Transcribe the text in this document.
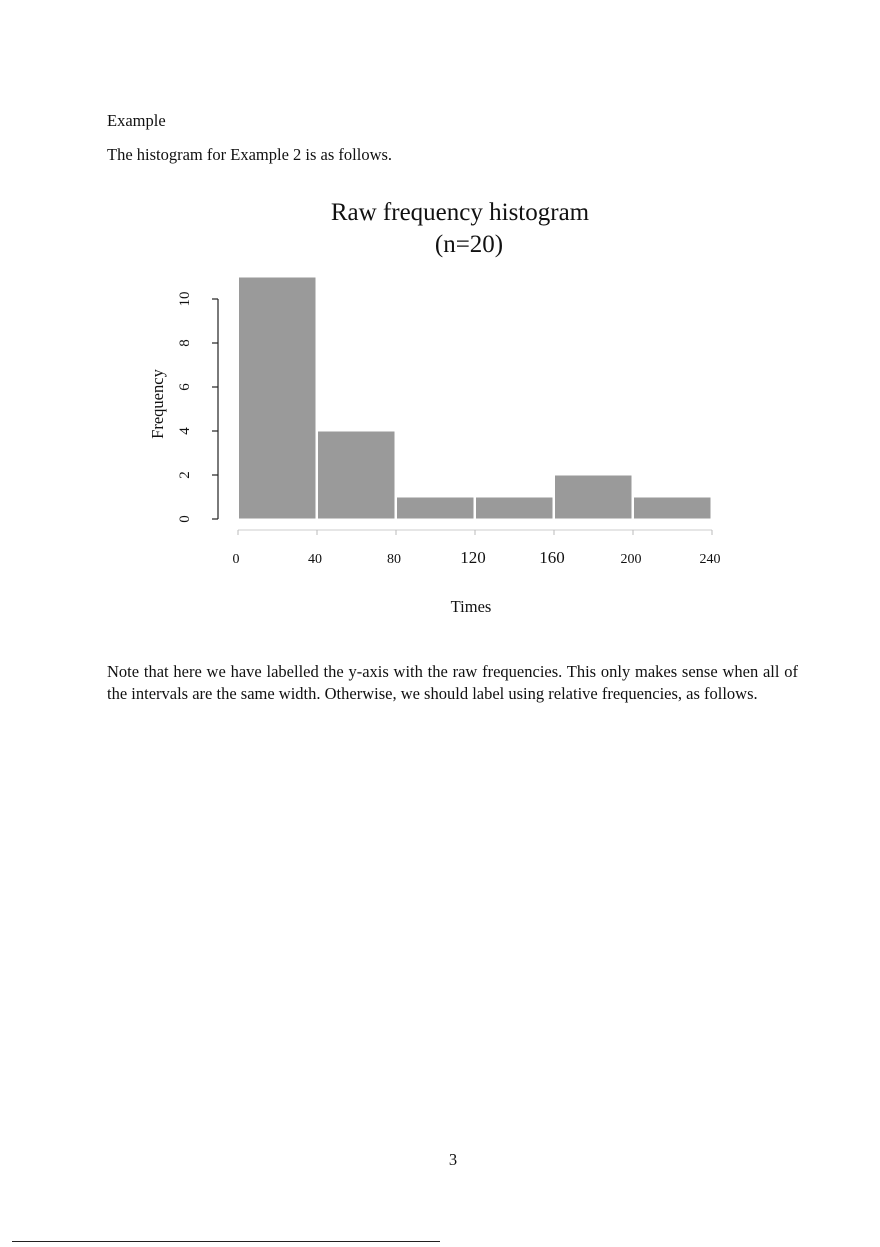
Example
The histogram for Example 2 is as follows.
0	40	80	120	160	200	240
0
2
4
6
8
10
Raw frequency histogram
(n=20)
Times
Frequency
Note that here we have labelled the y-axis with the raw frequencies. This only makes sense when all of the intervals are the same width. Otherwise, we should label using relative frequencies, as follows.
3
